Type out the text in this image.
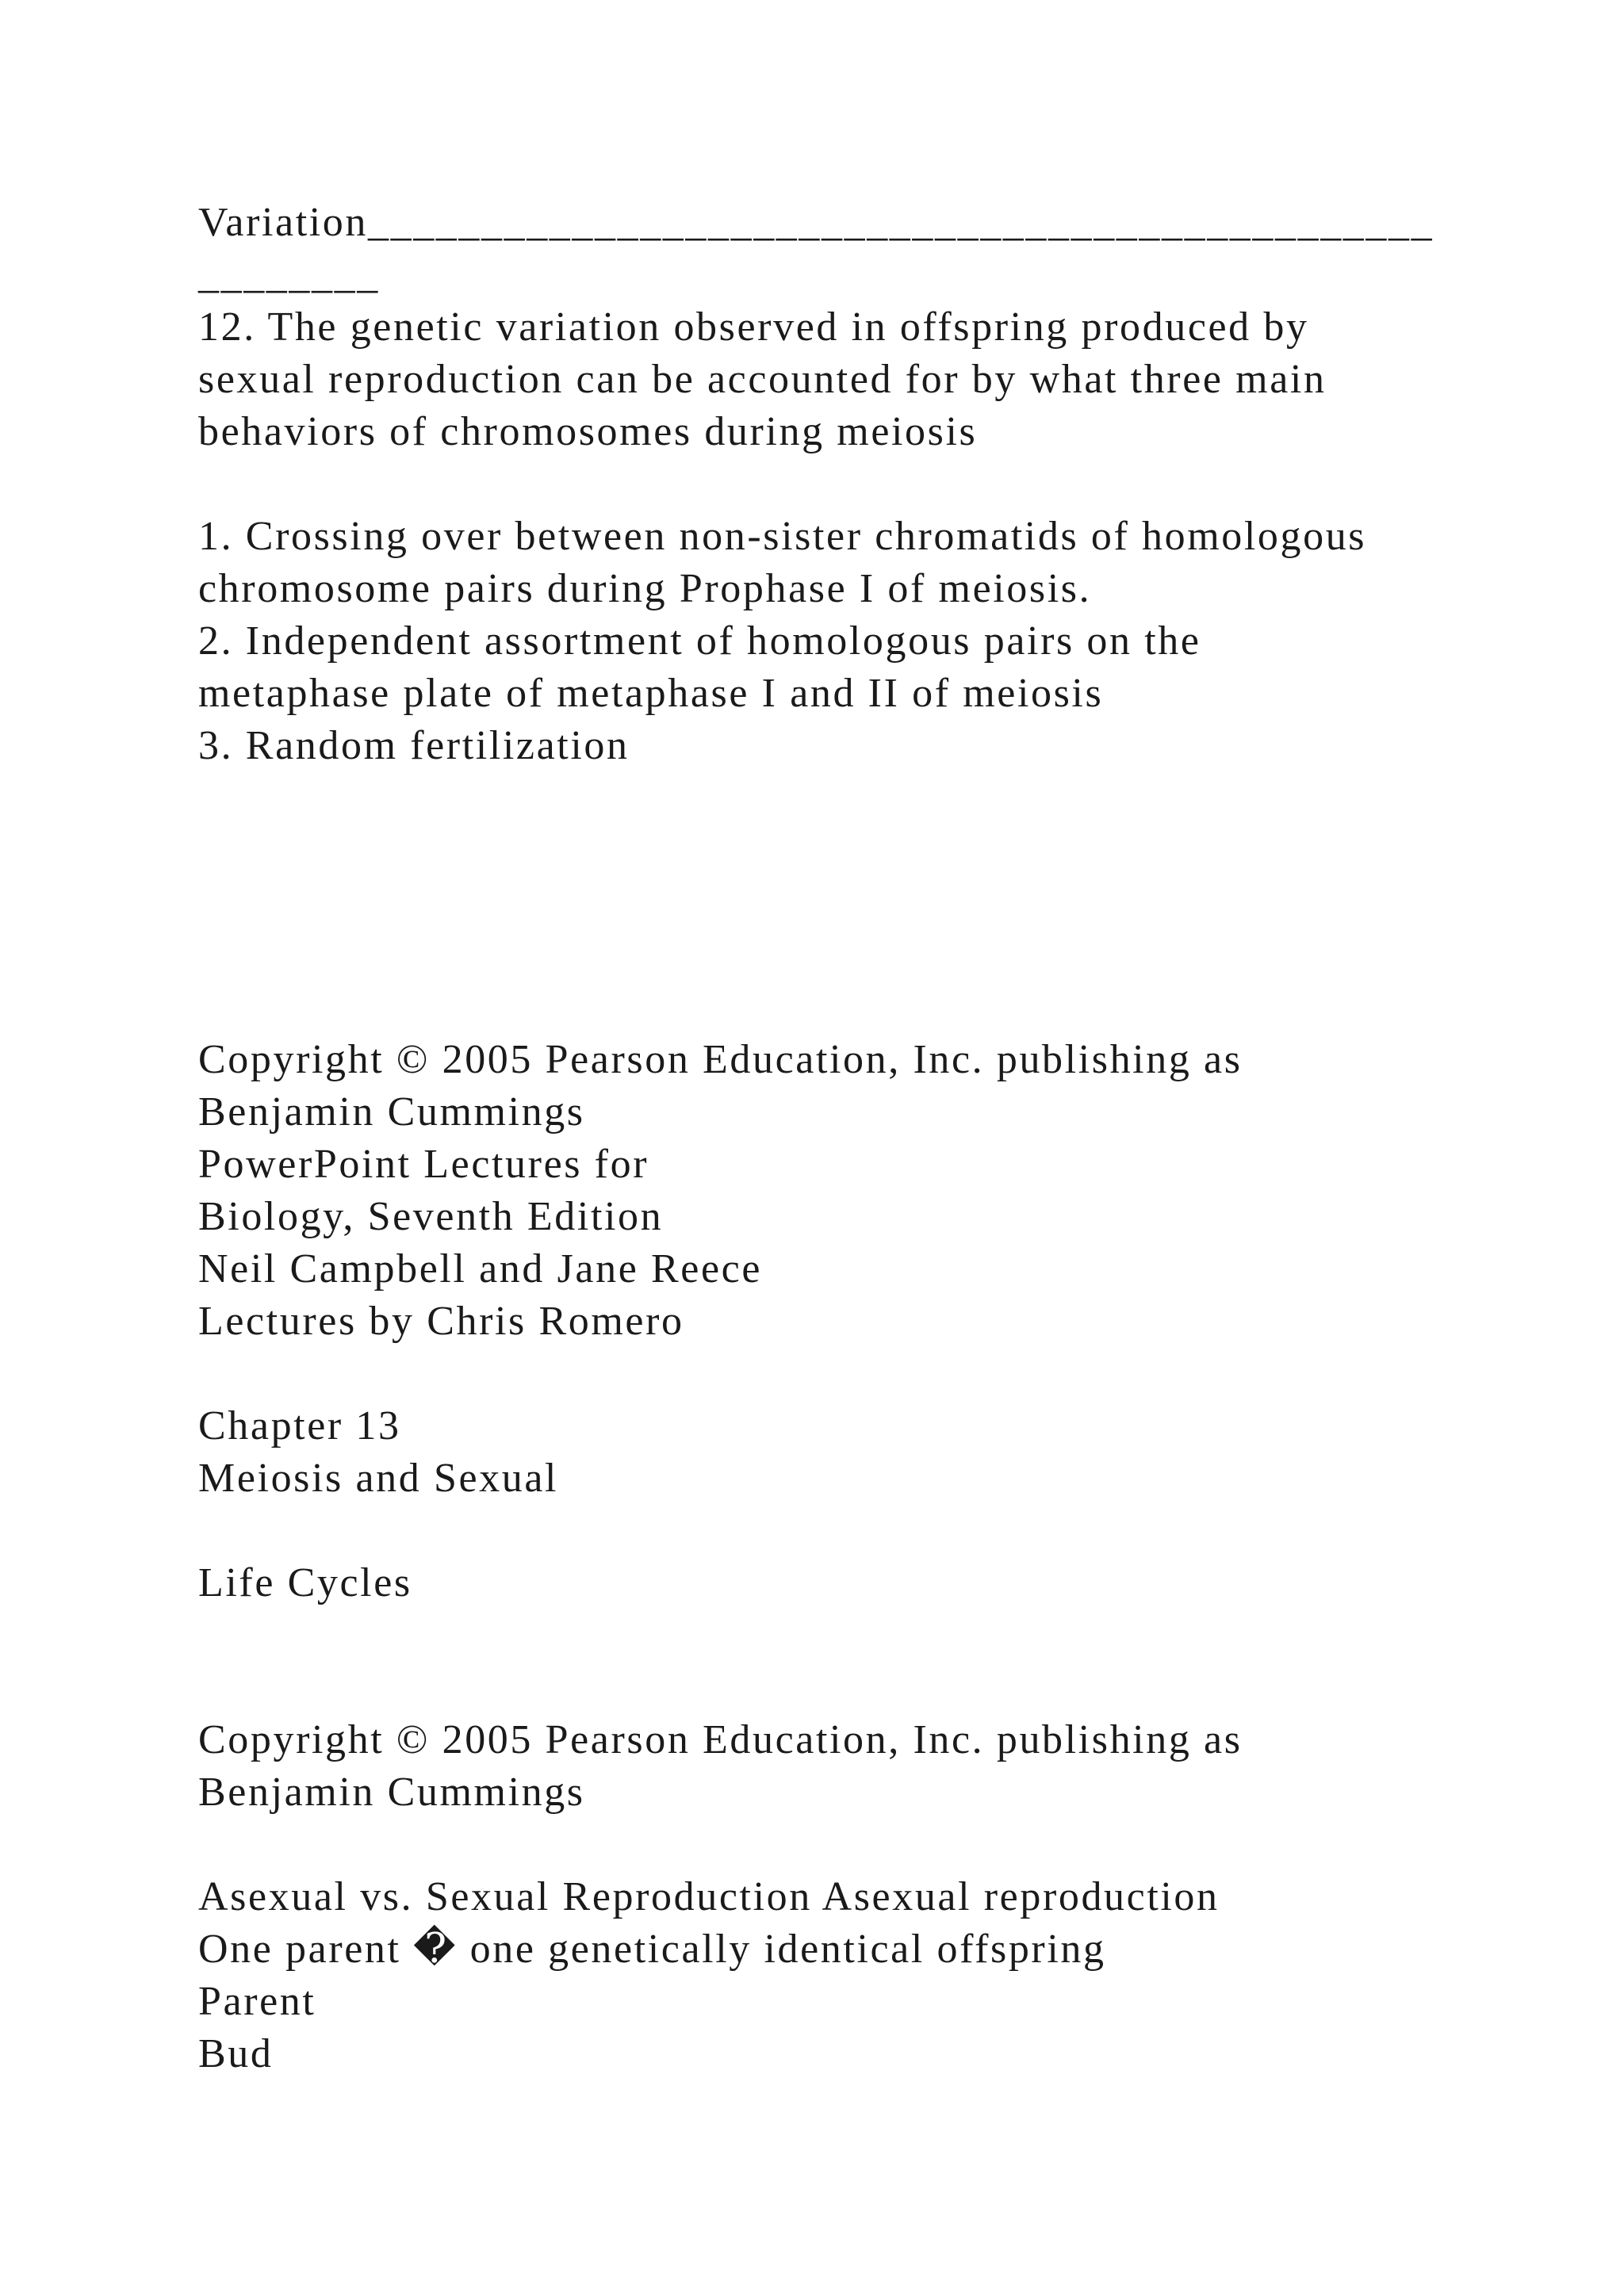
Variation_______________________________________________

________

12. The genetic variation observed in offspring produced by

sexual reproduction can be accounted for by what three main

behaviors of chromosomes during meiosis

1. Crossing over between non-sister chromatids of homologous

chromosome pairs during Prophase I of meiosis.

2. Independent assortment of homologous pairs on the

metaphase plate of metaphase I and II of meiosis

3. Random fertilization

Copyright © 2005 Pearson Education, Inc. publishing as

Benjamin Cummings

PowerPoint Lectures for

Biology, Seventh Edition

Neil Campbell and Jane Reece

Lectures by Chris Romero

Chapter 13

Meiosis and Sexual

Life Cycles

Copyright © 2005 Pearson Education, Inc. publishing as

Benjamin Cummings

Asexual vs. Sexual Reproduction Asexual reproduction

One parent � one genetically identical offspring

Parent

Bud
